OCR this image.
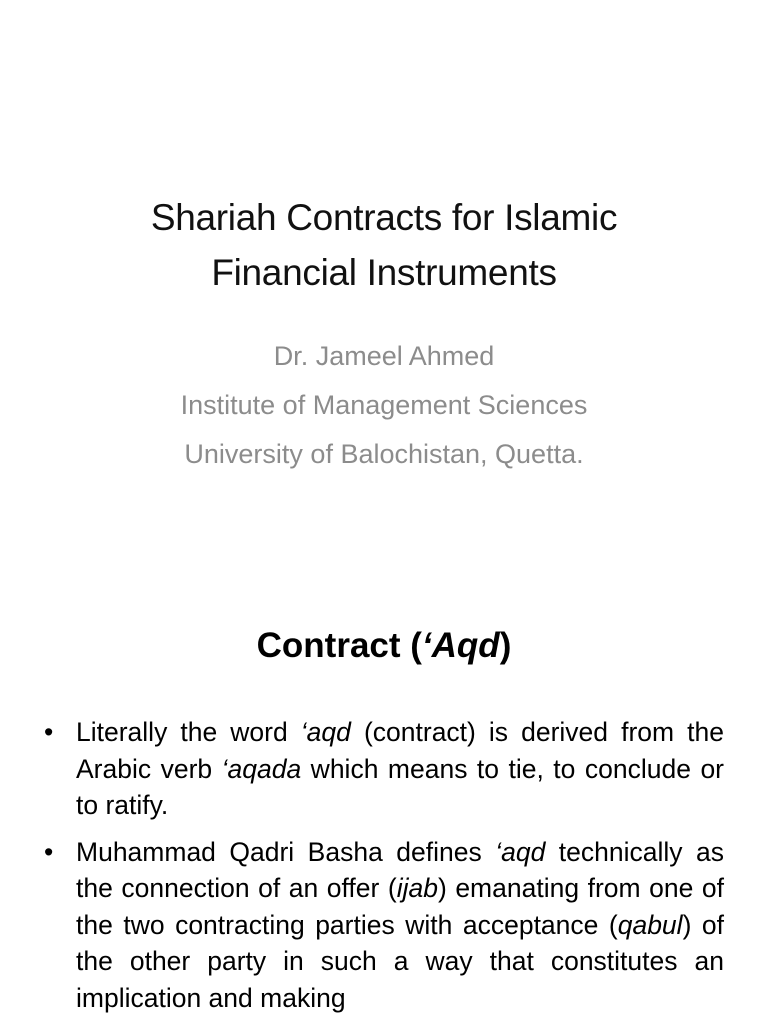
Shariah Contracts for Islamic
Financial Instruments
Dr. Jameel Ahmed
Institute of Management Sciences
University of Balochistan, Quetta.
Contract (‘Aqd)
• Literally the word ‘aqd (contract) is derived from the Arabic verb ‘aqada which means to tie, to conclude or to ratify.
• Muhammad Qadri Basha defines ‘aqd technically as the connection of an offer (ijab) emanating from one of the two contracting parties with acceptance (qabul) of the other party in such a way that constitutes an implication and making
